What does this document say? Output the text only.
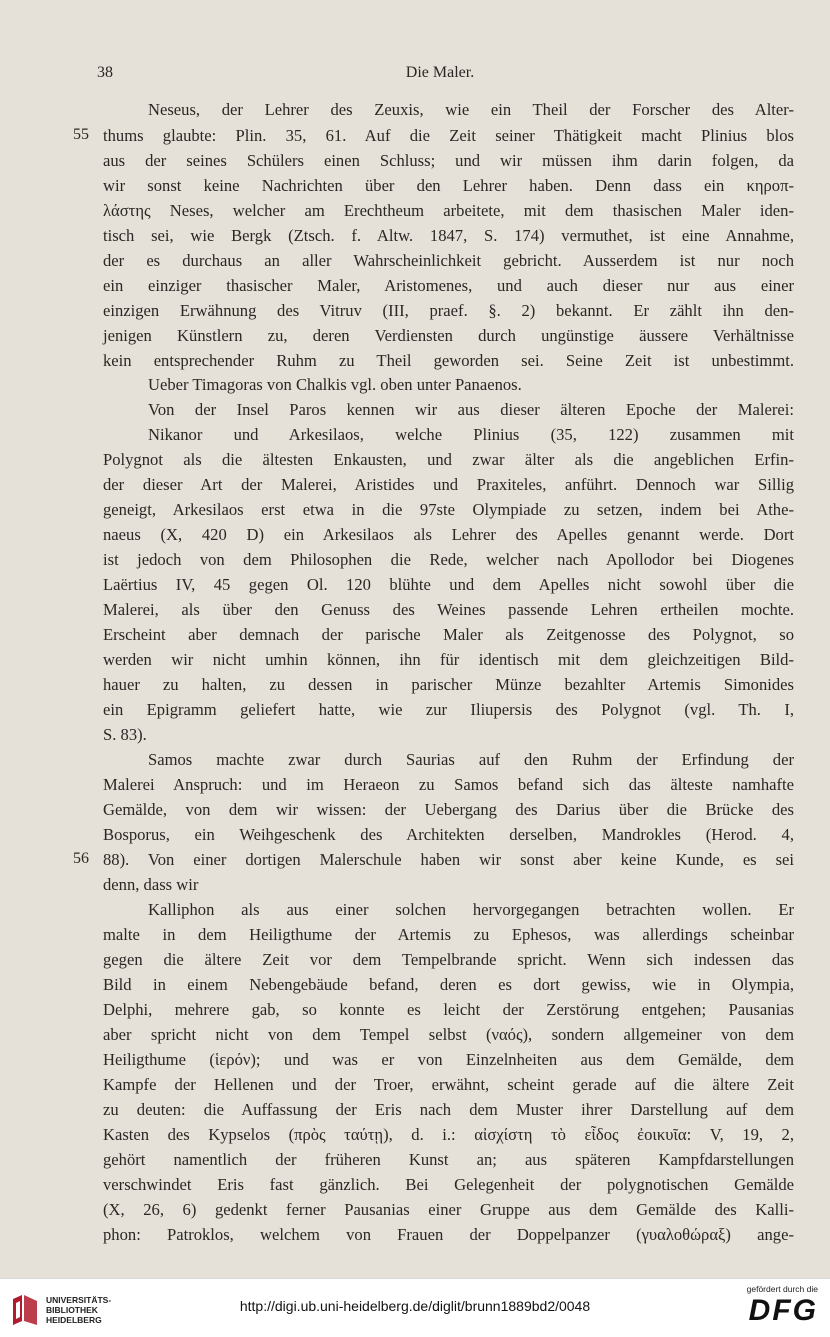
38	Die Maler.
55
56
Neseus, der Lehrer des Zeuxis, wie ein Theil der Forscher des Alter-
thums glaubte: Plin. 35, 61. Auf die Zeit seiner Thätigkeit macht Plinius blos
aus der seines Schülers einen Schluss; und wir müssen ihm darin folgen, da
wir sonst keine Nachrichten über den Lehrer haben. Denn dass ein κηροπ-
λάστης Neses, welcher am Erechtheum arbeitete, mit dem thasischen Maler iden-
tisch sei, wie Bergk (Ztsch. f. Altw. 1847, S. 174) vermuthet, ist eine Annahme,
der es durchaus an aller Wahrscheinlichkeit gebricht. Ausserdem ist nur noch
ein einziger thasischer Maler, Aristomenes, und auch dieser nur aus einer
einzigen Erwähnung des Vitruv (III, praef. §. 2) bekannt. Er zählt ihn den-
jenigen Künstlern zu, deren Verdiensten durch ungünstige äussere Verhältnisse
kein entsprechender Ruhm zu Theil geworden sei. Seine Zeit ist unbestimmt.
Ueber Timagoras von Chalkis vgl. oben unter Panaenos.
Von der Insel Paros kennen wir aus dieser älteren Epoche der Malerei:
Nikanor und Arkesilaos, welche Plinius (35, 122) zusammen mit
Polygnot als die ältesten Enkausten, und zwar älter als die angeblichen Erfin-
der dieser Art der Malerei, Aristides und Praxiteles, anführt. Dennoch war Sillig
geneigt, Arkesilaos erst etwa in die 97ste Olympiade zu setzen, indem bei Athe-
naeus (X, 420 D) ein Arkesilaos als Lehrer des Apelles genannt werde. Dort
ist jedoch von dem Philosophen die Rede, welcher nach Apollodor bei Diogenes
Laërtius IV, 45 gegen Ol. 120 blühte und dem Apelles nicht sowohl über die
Malerei, als über den Genuss des Weines passende Lehren ertheilen mochte.
Erscheint aber demnach der parische Maler als Zeitgenosse des Polygnot, so
werden wir nicht umhin können, ihn für identisch mit dem gleichzeitigen Bild-
hauer zu halten, zu dessen in parischer Münze bezahlter Artemis Simonides
ein Epigramm geliefert hatte, wie zur Iliupersis des Polygnot (vgl. Th. I,
S. 83).
Samos machte zwar durch Saurias auf den Ruhm der Erfindung der
Malerei Anspruch: und im Heraeon zu Samos befand sich das älteste namhafte
Gemälde, von dem wir wissen: der Uebergang des Darius über die Brücke des
Bosporus, ein Weihgeschenk des Architekten derselben, Mandrokles (Herod. 4,
88). Von einer dortigen Malerschule haben wir sonst aber keine Kunde, es sei
denn, dass wir
Kalliphon als aus einer solchen hervorgegangen betrachten wollen. Er
malte in dem Heiligthume der Artemis zu Ephesos, was allerdings scheinbar
gegen die ältere Zeit vor dem Tempelbrande spricht. Wenn sich indessen das
Bild in einem Nebengebäude befand, deren es dort gewiss, wie in Olympia,
Delphi, mehrere gab, so konnte es leicht der Zerstörung entgehen; Pausanias
aber spricht nicht von dem Tempel selbst (ναός), sondern allgemeiner von dem
Heiligthume (ἱερόν); und was er von Einzelnheiten aus dem Gemälde, dem
Kampfe der Hellenen und der Troer, erwähnt, scheint gerade auf die ältere Zeit
zu deuten: die Auffassung der Eris nach dem Muster ihrer Darstellung auf dem
Kasten des Kypselos (πρὸς ταύτῃ), d. i.: αἰσχίστη τὸ εἶδος ἐοικυῖα: V, 19, 2,
gehört namentlich der früheren Kunst an; aus späteren Kampfdarstellungen
verschwindet Eris fast gänzlich. Bei Gelegenheit der polygnotischen Gemälde
(X, 26, 6) gedenkt ferner Pausanias einer Gruppe aus dem Gemälde des Kalli-
phon: Patroklos, welchem von Frauen der Doppelpanzer (γυαλοθώραξ) ange-
UNIVERSITÄTS-
BIBLIOTHEK
HEIDELBERG
http://digi.ub.uni-heidelberg.de/diglit/brunn1889bd2/0048
gefördert durch die
DFG
